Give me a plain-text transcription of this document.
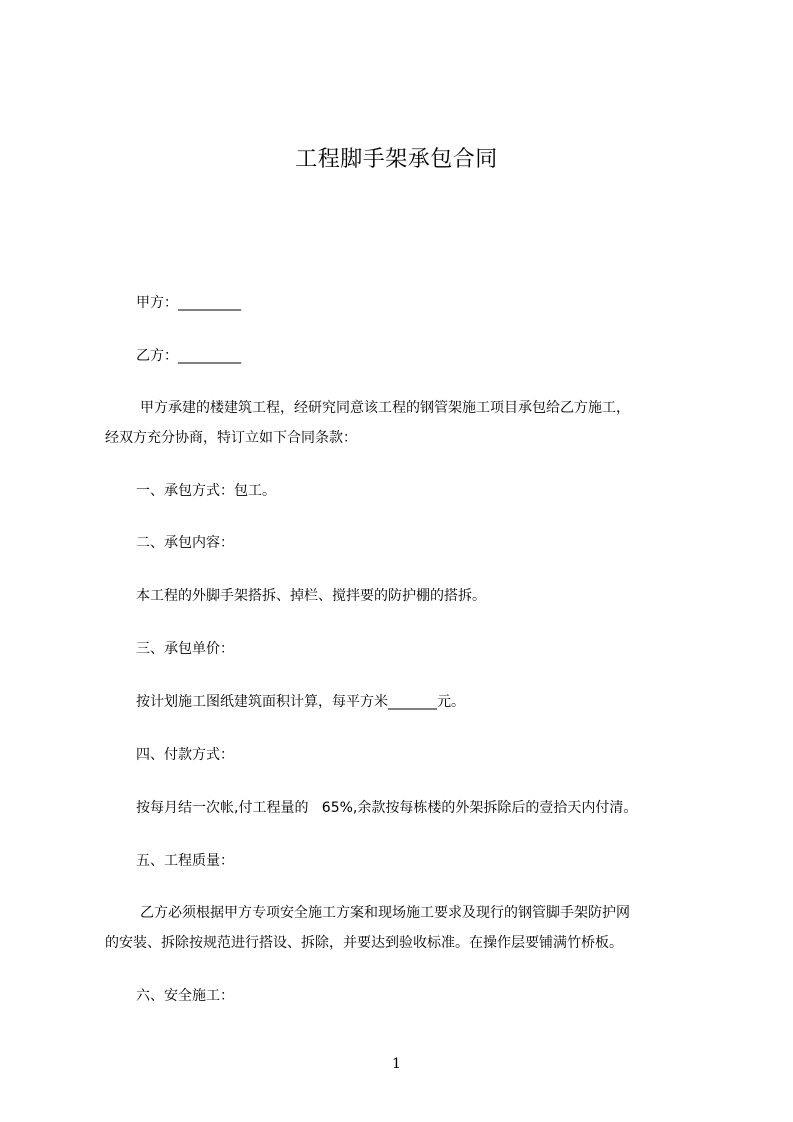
工程脚手架承包合同
甲方：_________
乙方：_________
甲方承建的楼建筑工程，经研究同意该工程的钢管架施工项目承包给乙方施工，
经双方充分协商，特订立如下合同条款：
一、承包方式：包工。
二、承包内容：
本工程的外脚手架搭拆、掉栏、搅拌要的防护棚的搭拆。
三、承包单价：
按计划施工图纸建筑面积计算，每平方米_______元。
四、付款方式：
按每月结一次帐,付工程量的   65%,余款按每栋楼的外架拆除后的壹拾天内付清。
五、工程质量：
乙方必须根据甲方专项安全施工方案和现场施工要求及现行的钢管脚手架防护网
的安装、拆除按规范进行搭设、拆除，并要达到验收标准。在操作层要铺满竹桥板。
六、安全施工：
1
